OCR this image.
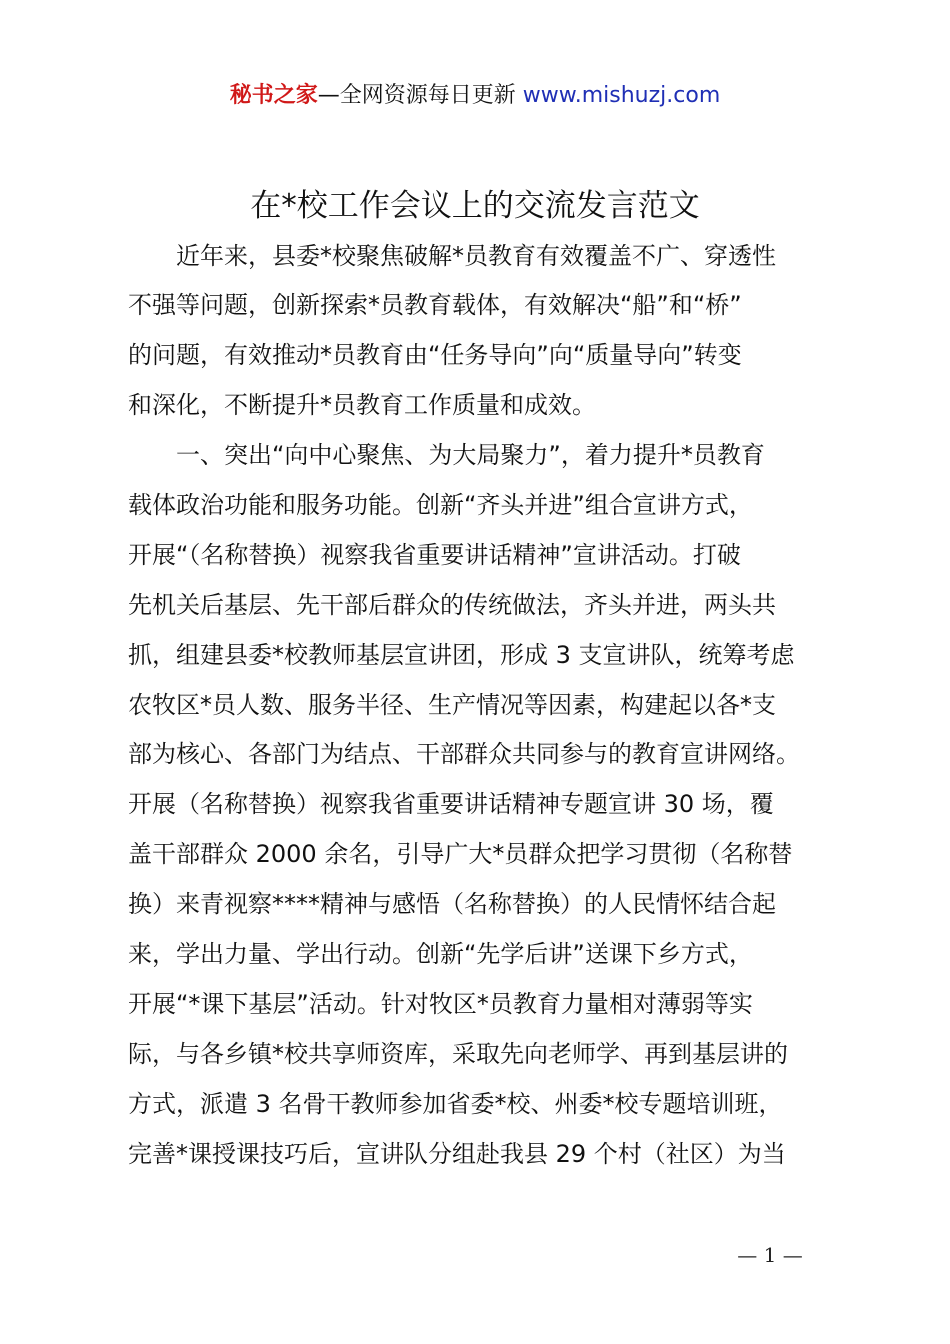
秘书之家—全网资源每日更新 www.mishuzj.com
在*校工作会议上的交流发言范文

近年来，县委*校聚焦破解*员教育有效覆盖不广、穿透性

不强等问题，创新探索*员教育载体，有效解决“船”和“桥”

的问题，有效推动*员教育由“任务导向”向“质量导向”转变

和深化，不断提升*员教育工作质量和成效。

一、突出“向中心聚焦、为大局聚力”，着力提升*员教育

载体政治功能和服务功能。创新“齐头并进”组合宣讲方式，

开展“（名称替换）视察我省重要讲话精神”宣讲活动。打破

先机关后基层、先干部后群众的传统做法，齐头并进，两头共

抓，组建县委*校教师基层宣讲团，形成 3 支宣讲队，统筹考虑

农牧区*员人数、服务半径、生产情况等因素，构建起以各*支

部为核心、各部门为结点、干部群众共同参与的教育宣讲网络。

开展（名称替换）视察我省重要讲话精神专题宣讲 30 场，覆

盖干部群众 2000 余名，引导广大*员群众把学习贯彻（名称替

换）来青视察****精神与感悟（名称替换）的人民情怀结合起

来，学出力量、学出行动。创新“先学后讲”送课下乡方式，

开展“*课下基层”活动。针对牧区*员教育力量相对薄弱等实

际，与各乡镇*校共享师资库，采取先向老师学、再到基层讲的

方式，派遣 3 名骨干教师参加省委*校、州委*校专题培训班，

完善*课授课技巧后，宣讲队分组赴我县 29 个村（社区）为当

— 1 —
